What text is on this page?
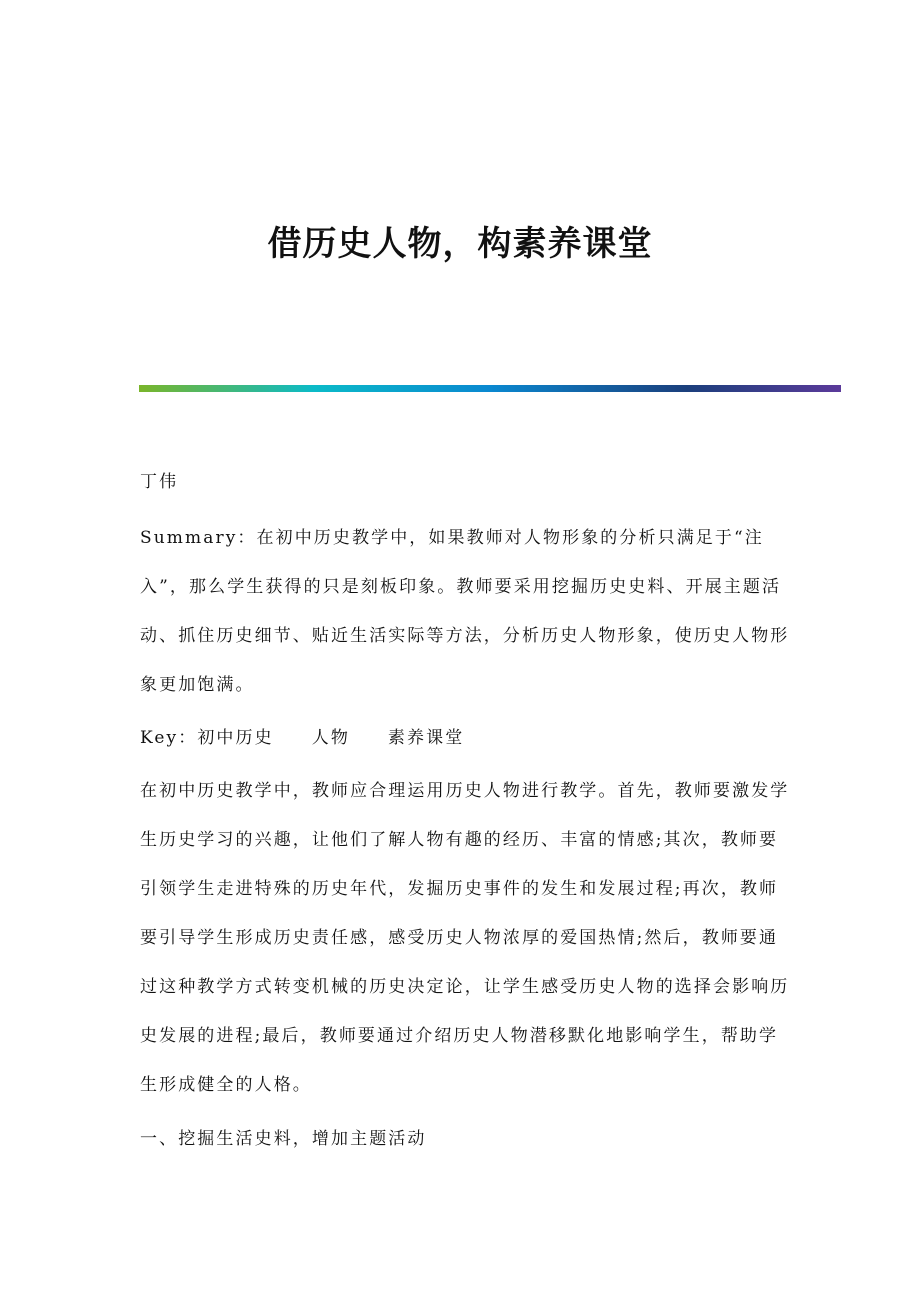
借历史人物，构素养课堂
丁伟
Summary：在初中历史教学中，如果教师对人物形象的分析只满足于“注入”，那么学生获得的只是刻板印象。教师要采用挖掘历史史料、开展主题活动、抓住历史细节、贴近生活实际等方法，分析历史人物形象，使历史人物形象更加饱满。
Key：初中历史 人物 素养课堂
在初中历史教学中，教师应合理运用历史人物进行教学。首先，教师要激发学生历史学习的兴趣，让他们了解人物有趣的经历、丰富的情感;其次，教师要引领学生走进特殊的历史年代，发掘历史事件的发生和发展过程;再次，教师要引导学生形成历史责任感，感受历史人物浓厚的爱国热情;然后，教师要通过这种教学方式转变机械的历史决定论，让学生感受历史人物的选择会影响历史发展的进程;最后，教师要通过介绍历史人物潜移默化地影响学生，帮助学生形成健全的人格。
一、挖掘生活史料，增加主题活动
